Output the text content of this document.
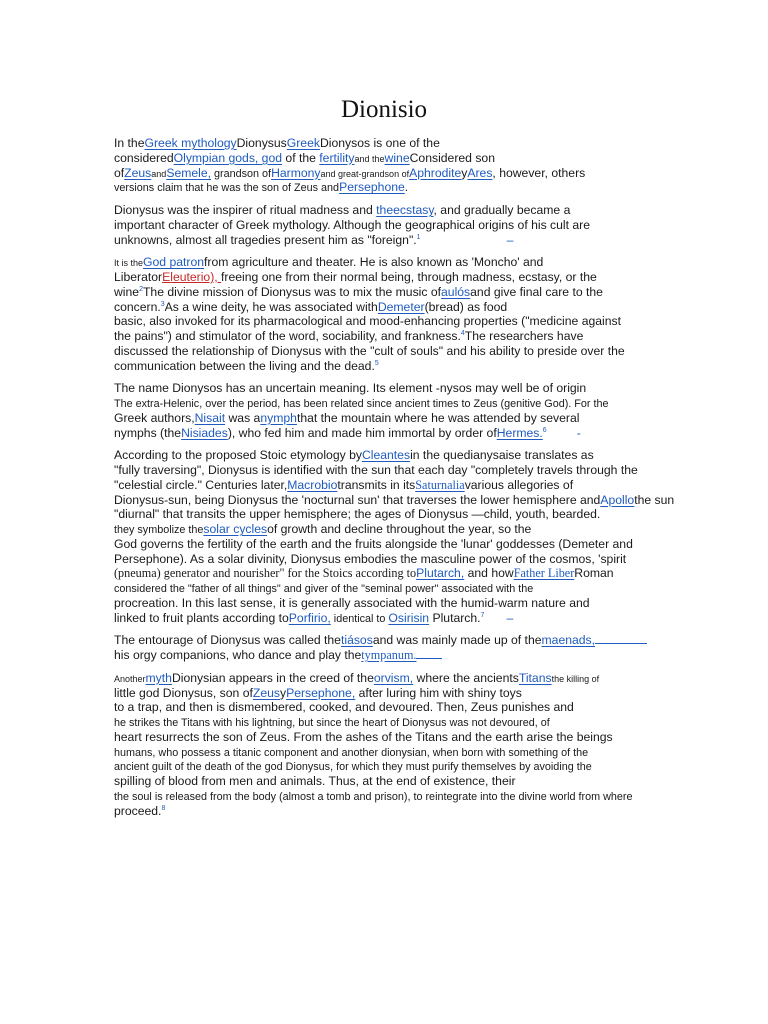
Dionisio
In theGreek mythologyDionysusGreekDionysos is one of the
consideredOlympian gods, god of the fertilityand thewineConsidered son
ofZeusandSemele, grandson ofHarmonyand great-grandson ofAphroditeyAres, however, others
versions claim that he was the son of Zeus andPersephone.
Dionysus was the inspirer of ritual madness and theecstasy, and gradually became a
important character of Greek mythology. Although the geographical origins of his cult are
unknowns, almost all tragedies present him as "foreign".$^1$	–
It is theGod patronfrom agriculture and theater. He is also known as 'Moncho' and
LiberatorEleuterio), freeing one from their normal being, through madness, ecstasy, or the
wine$^2$The divine mission of Dionysus was to mix the music ofaulósand give final care to the
concern.$^3$As a wine deity, he was associated withDemeter(bread) as food
basic, also invoked for its pharmacological and mood-enhancing properties ("medicine against
the pains") and stimulator of the word, sociability, and frankness.$^4$The researchers have
discussed the relationship of Dionysus with the "cult of souls" and his ability to preside over the
communication between the living and the dead.$^5$
The name Dionysos has an uncertain meaning. Its element -nysos may well be of origin
The extra-Helenic, over the period, has been related since ancient times to Zeus (genitive God). For the
Greek authors,Nisait was anymphthat the mountain where he was attended by several
nymphs (theNisiades), who fed him and made him immortal by order ofHermes.$^6$ -
According to the proposed Stoic etymology byCleantesin the quedianysaise translates as
"fully traversing", Dionysus is identified with the sun that each day "completely travels through the
"celestial circle." Centuries later,Macrobiotransmits in itsSaturnaliavarious allegories of
Dionysus-sun, being Dionysus the 'nocturnal sun' that traverses the lower hemisphere andApollothe sun
"diurnal" that transits the upper hemisphere; the ages of Dionysus —child, youth, bearded.
they symbolize thesolar cyclesof growth and decline throughout the year, so the
God governs the fertility of the earth and the fruits alongside the 'lunar' goddesses (Demeter and
Persephone). As a solar divinity, Dionysus embodies the masculine power of the cosmos, 'spirit
(pneuma) generator and nourisher" for the Stoics according toPlutarch, and howFather LiberRoman
considered the "father of all things" and giver of the "seminal power" associated with the
procreation. In this last sense, it is generally associated with the humid-warm nature and
linked to fruit plants according toPorfirio, identical to Osirisin Plutarch.$^7$ –
The entourage of Dionysus was called thetiásosand was mainly made up of themaenads,
his orgy companions, who dance and play thetympanum.
AnothermythDionysian appears in the creed of theorvism, where the ancientsTitansthe killing of
little god Dionysus, son ofZeusyPersephone, after luring him with shiny toys
to a trap, and then is dismembered, cooked, and devoured. Then, Zeus punishes and
he strikes the Titans with his lightning, but since the heart of Dionysus was not devoured, of
heart resurrects the son of Zeus. From the ashes of the Titans and the earth arise the beings
humans, who possess a titanic component and another dionysian, when born with something of the
ancient guilt of the death of the god Dionysus, for which they must purify themselves by avoiding the
spilling of blood from men and animals. Thus, at the end of existence, their
the soul is released from the body (almost a tomb and prison), to reintegrate into the divine world from where
proceed.$^8$
